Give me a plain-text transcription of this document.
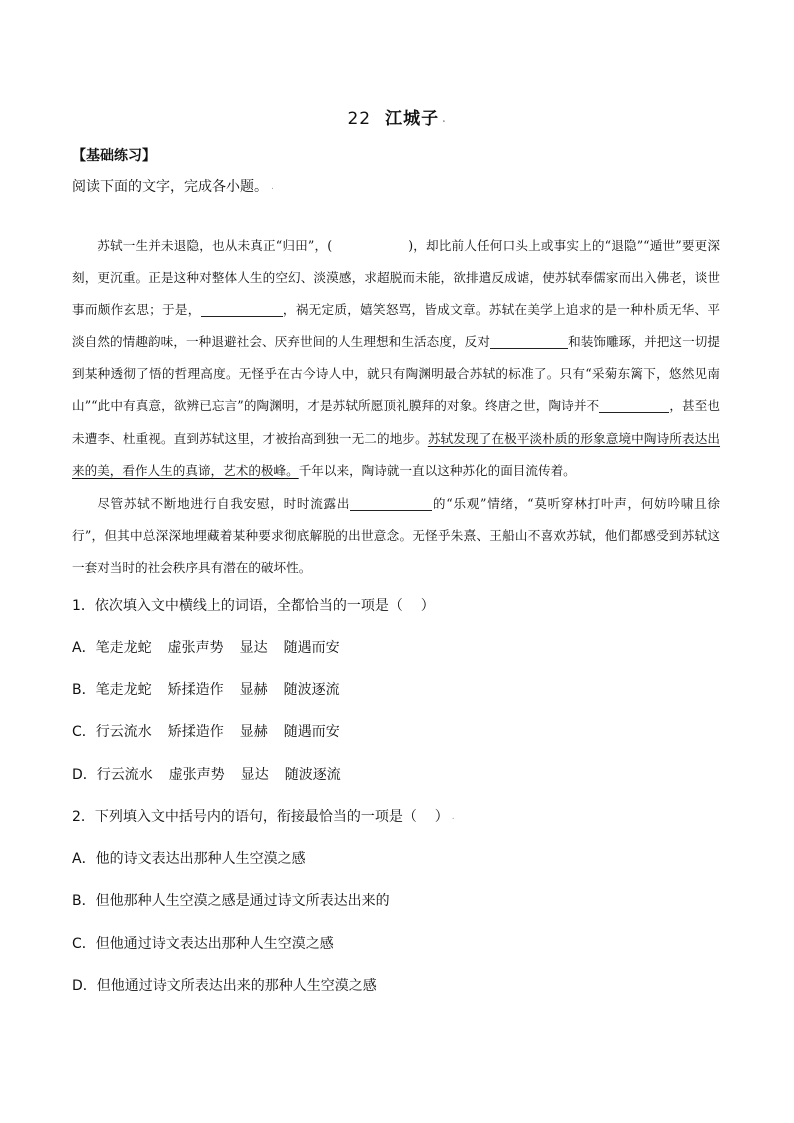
22 江城子 .
【基础练习】
阅读下面的文字，完成各小题。 .

苏轼一生并未退隐，也从未真正“归田”，(	)，却比前人任何口头上或事实上的“退隐”“遁世”要更深刻，更沉重。正是这种对整体人生的空幻、淡漠感，求超脱而未能，欲排遣反成谑，使苏轼奉儒家而出入佛老，谈世事而颇作玄思；于是，	，祸无定质，嬉笑怒骂，皆成文章。苏轼在美学上追求的是一种朴质无华、平淡自然的情趣韵味，一种退避社会、厌弃世间的人生理想和生活态度，反对	和装饰雕琢，并把这一切提到某种透彻了悟的哲理高度。无怪乎在古今诗人中，就只有陶渊明最合苏轼的标准了。只有“采菊东篱下，悠然见南山”“此中有真意，欲辨已忘言”的陶渊明，才是苏轼所愿顶礼膜拜的对象。终唐之世，陶诗并不	，甚至也未遭李、杜重视。直到苏轼这里，才被抬高到独一无二的地步。苏轼发现了在极平淡朴质的形象意境中陶诗所表达出来的美，看作人生的真谛，艺术的极峰。千年以来，陶诗就一直以这种苏化的面目流传着。

尽管苏轼不断地进行自我安慰，时时流露出	的“乐观”情绪，“莫听穿林打叶声，何妨吟啸且徐行”，但其中总深深地埋藏着某种要求彻底解脱的出世意念。无怪乎朱熹、王船山不喜欢苏轼，他们都感受到苏轼这一套对当时的社会秩序具有潜在的破坏性。

1．依次填入文中横线上的词语，全都恰当的一项是（    ）
A．笔走龙蛇 虚张声势 显达 随遇而安
B．笔走龙蛇 矫揉造作 显赫 随波逐流
C．行云流水 矫揉造作 显赫 随遇而安
D．行云流水 虚张声势 显达 随波逐流
2．下列填入文中括号内的语句，衔接最恰当的一项是（    ） .
A．他的诗文表达出那种人生空漠之感
B．但他那种人生空漠之感是通过诗文所表达出来的
C．但他通过诗文表达出那种人生空漠之感
D．但他通过诗文所表达出来的那种人生空漠之感
